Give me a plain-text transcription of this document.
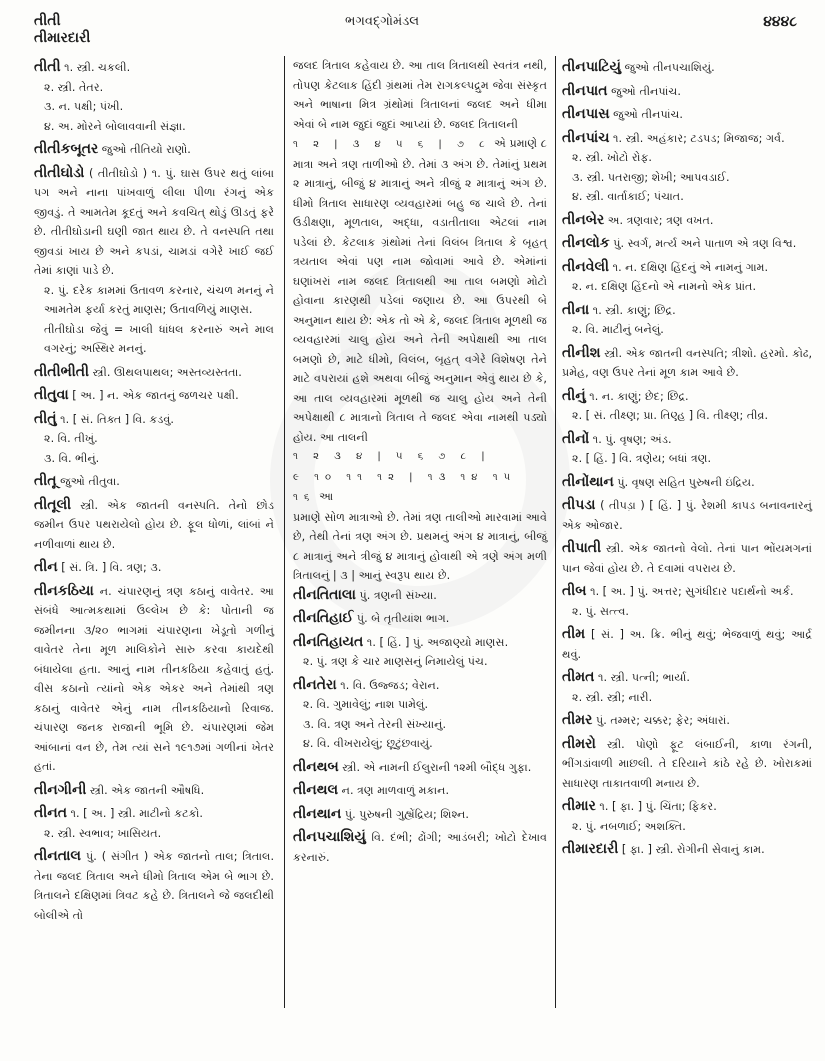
તીતી
તીમારદારી
ભગવદ્ગોમંડલ	૪૪૪૮
તીતી ૧. સ્ત્રી. ચકલી.
૨. સ્ત્રી. તેતર.
૩. ન. પક્ષી; પંખી.
૪. અ. મોરને બોલાવવાની સંજ્ઞા.
તીતીકબૂતર જુઓ તીતિયો રાણો.
તીતીઘોડો ( તીતીઘોડો ) ૧. પું. ઘાસ ઉપર થતું લાંબા પગ અને નાના પાંખવાળું લીલા પીળા રંગનું એક જીવડું. તે આમતેમ કૂદતું અને કવચિત્ થોડું ઊડતું ફરે છે. તીતીઘોડાની ઘણી જાત થાય છે. તે વનસ્પતિ તથા જીવડાં ખાય છે અને કપડાં, ચામડાં વગેરે ખાઈ જઈ તેમાં કાણાં પાડે છે.
૨. પું. દરેક કામમાં ઉતાવળ કરનાર, ચંચળ મનનું ને આમતેમ ફર્યા કરતું માણસ; ઉતાવળિયું માણસ.
તીતીઘોડા જેવું = ખાલી ધાંધલ કરનારું અને માલ વગરનું; અસ્થિર મનનું.
તીતીભીતી સ્ત્રી. ઊથલપાથલ; અસ્તવ્યસ્તતા.
તીતુવા [ અ. ] ન. એક જાતનું જળચર પક્ષી.
તીતું ૧. [ સં. તિક્ત ] વિ. કડવું.
૨. વિ. તીખું.
૩. વિ. ભીનું.
તીતૂ જુઓ તીતુવા.
તીતૂલી સ્ત્રી. એક જાતની વનસ્પતિ. તેનો છોડ જમીન ઉપર પથરાયેલો હોય છે. ફૂલ ધોળાં, લાંબાં ને નળીવાળાં થાય છે.
તીન [ સં. ત્રિ. ] વિ. ત્રણ; ૩.
તીનકઠિયા ન. ચંપારણનું ત્રણ કઠાનું વાવેતર. આ સંબંધે આત્મકથામાં ઉલ્લેખ છે કે: પોતાની જ જમીનના ૩/૨૦ ભાગમાં ચંપારણના ખેડૂતો ગળીનું વાવેતર તેના મૂળ માલિકોને સારુ કરવા કાયદેથી બંધાયેલા હતા. આનું નામ તીનકઠિયા કહેવાતું હતું. વીસ કઠાનો ત્યાંનો એક એકર અને તેમાંથી ત્રણ કઠાનું વાવેતર એનું નામ તીનકઠિયાનો રિવાજ. ચંપારણ જનક રાજાની ભૂમિ છે. ચંપારણમાં જેમ આંબાનાં વન છે, તેમ ત્યાં સને ૧૯૧૭માં ગળીનાં ખેતર હતાં.
તીનગીની સ્ત્રી. એક જાતની ઔષધિ.
તીનત ૧. [ અ. ] સ્ત્રી. માટીનો કટકો.
૨. સ્ત્રી. સ્વભાવ; ખાસિયત.
તીનતાલ પું. ( સંગીત ) એક જાતનો તાલ; ત્રિતાલ. તેના જલદ ત્રિતાલ અને ધીમો ત્રિતાલ એમ બે ભાગ છે. ત્રિતાલને દક્ષિણમાં ત્રિવટ કહે છે. ત્રિતાલને જે જલદીથી બોલીએ તો
જલદ ત્રિતાલ કહેવાય છે. આ તાલ ત્રિતાલથી સ્વતંત્ર નથી, તોપણ કેટલાક હિંદી ગ્રંથમાં તેમ રાગકલ્પદ્રુમ જેવા સંસ્કૃત અને ભાષાના મિત્ર ગ્રંથોમાં ત્રિતાલનાં જલદ અને ધીમા એવાં બે નામ જુદાં જુદાં આપ્યાં છે. જલદ ત્રિતાલની
૧ ૨ | ૩ ૪ ૫ ૬ | ૭ ૮ એ પ્રમાણે ૮
માત્રા અને ત્રણ તાળીઓ છે. તેમાં ૩ અંગ છે. તેમાંનું પ્રથમ ૨ માત્રાનું, બીજું ૪ માત્રાનું અને ત્રીજું ૨ માત્રાનું અંગ છે. ધીમો ત્રિતાલ સાધારણ વ્યવહારમાં બહુ જ ચાલે છે. તેનાં ઉડીક્ષણા, મૂળતાલ, અદ્ધા, વડાતીતાલા એટલાં નામ પડેલાં છે. કેટલાક ગ્રંથોમાં તેનાં વિલંબ ત્રિતાલ કે બૃહત્ ત્રયતાલ એવાં પણ નામ જોવામાં આવે છે. એમાંનાં ઘણાંખરાં નામ જલદ ત્રિતાલથી આ તાલ બમણો મોટો હોવાના કારણથી પડેલાં જણાય છે. આ ઉપરથી બે અનુમાન થાય છે: એક તો એ કે, જલદ ત્રિતાલ મૂળથી જ વ્યવહારમાં ચાલુ હોય અને તેની અપેક્ષાથી આ તાલ બમણો છે, માટે ધીમો, વિલંબ, બૃહત્ વગેરે વિશેષણ તેને માટે વપરાયાં હશે અથવા બીજું અનુમાન એવું થાય છે કે, આ તાલ વ્યવહારમાં મૂળથી જ ચાલુ હોય અને તેની અપેક્ષાથી ૮ માત્રાનો ત્રિતાલ તે જલદ એવા નામથી પડ્યો હોય. આ તાલની
૧ ૨ ૩ ૪ | ૫ ૬ ૭ ૮ |
૯ ૧૦ ૧૧ ૧૨ | ૧૩ ૧૪ ૧૫ ૧૬ આ
પ્રમાણે સોળ માત્રાઓ છે. તેમાં ત્રણ તાલીઓ મારવામાં આવે છે, તેથી તેનાં ત્રણ અંગ છે. પ્રથમનું અંગ ૪ માત્રાનું, બીજું ૮ માત્રાનું અને ત્રીજું ૪ માત્રાનું હોવાથી એ ત્રણે અંગ મળી ત્રિતાલનું | ૩ | આનું સ્વરૂપ થાય છે.
તીનતિતાલા પું. ત્રણની સંખ્યા.
તીનતિહાઈ પું. બે તૃતીયાંશ ભાગ.
તીનતિહાયત ૧. [ હિં. ] પું. અજાણ્યો માણસ.
૨. પું. ત્રણ કે ચાર માણસનું નિમાયેલું પંચ.
તીનતેરા ૧. વિ. ઉજ્જડ; વેરાન.
૨. વિ. ગુમાવેલું; નાશ પામેલું.
૩. વિ. ત્રણ અને તેરની સંખ્યાનું.
૪. વિ. વીખરાયેલું; છૂટુંછવાયું.
તીનથબ સ્ત્રી. એ નામની ઈલુરાની ૧૨મી બૌદ્ધ ગુફા.
તીનથલ ન. ત્રણ માળવાળું મકાન.
તીનથાન પું. પુરુષની ગુહ્યેંદ્રિય; શિશ્ન.
તીનપચાશિયું વિ. દંભી; ઢોંગી; આડંબરી; ખોટો દેખાવ કરનારું.
તીનપાટિયું જુઓ તીનપચાશિયું.
તીનપાત જુઓ તીનપાંચ.
તીનપાસ જુઓ તીનપાંચ.
તીનપાંચ ૧. સ્ત્રી. અહંકાર; ટડપડ; મિજાજ; ગર્વ.
૨. સ્ત્રી. ખોટો રોફ.
૩. સ્ત્રી. પતરાજી; શેખી; આપવડાઈ.
૪. સ્ત્રી. વાર્તાકાઈ; પંચાત.
તીનબેર અ. ત્રણવાર; ત્રણ વખત.
તીનલોક પું. સ્વર્ગ, મર્ત્ય અને પાતાળ એ ત્રણ વિશ્વ.
તીનવેલી ૧. ન. દક્ષિણ હિંદનું એ નામનું ગામ.
૨. ન. દક્ષિણ હિંદનો એ નામનો એક પ્રાંત.
તીના ૧. સ્ત્રી. કાણું; છિદ્ર.
૨. વિ. માટીનું બનેલું.
તીનીશ સ્ત્રી. એક જાતની વનસ્પતિ; ત્રીશો. હરમો. કોઢ, પ્રમેહ, વણ ઉપર તેનાં મૂળ કામ આવે છે.
તીનું ૧. ન. કાણું; છેદ; છિદ્ર.
૨. [ સં. તીક્ષ્ણ; પ્રા. તિણ્હ ] વિ. તીક્ષ્ણ; તીવ્ર.
તીનોં ૧. પું. વૃષણ; અંડ.
૨. [ હિં. ] વિ. ત્રણેય; બધાં ત્રણ.
તીનોંથાન પું. વૃષણ સહિત પુરુષની ઇંદ્રિય.
તીપડા ( તીપડ઼ા ) [ હિં. ] પું. રેશમી કાપડ બનાવનારનું એક ઓજાર.
તીપાતી સ્ત્રી. એક જાતનો વેલો. તેનાં પાન ભોંયમગનાં પાન જેવાં હોય છે. તે દવામાં વપરાય છે.
તીબ ૧. [ અ. ] પું. અત્તર; સુગંધીદાર પદાર્થનો અર્ક.
૨. પું. સત્ત્વ.
તીમ [ સં. ] અ. ક્રિ. ભીનું થવું; ભેજવાળું થવું; આર્દ્ર થવું.
તીમત ૧. સ્ત્રી. પત્ની; ભાર્યા.
૨. સ્ત્રી. સ્ત્રી; નારી.
તીમર પું. તમ્મર; ચક્કર; ફેર; અંધારાં.
તીમરો સ્ત્રી. પોણો ફૂટ લંબાઈની, કાળા રંગની, ભીંગડાંવાળી માછલી. તે દરિયાને કાંઠે રહે છે. ખોરાકમાં સાધારણ તાકાતવાળી મનાય છે.
તીમાર ૧. [ ફા. ] પું. ચિંતા; ફિકર.
૨. પું. નબળાઈ; અશક્તિ.
તીમારદારી [ ફા. ] સ્ત્રી. રોગીની સેવાનું કામ.
